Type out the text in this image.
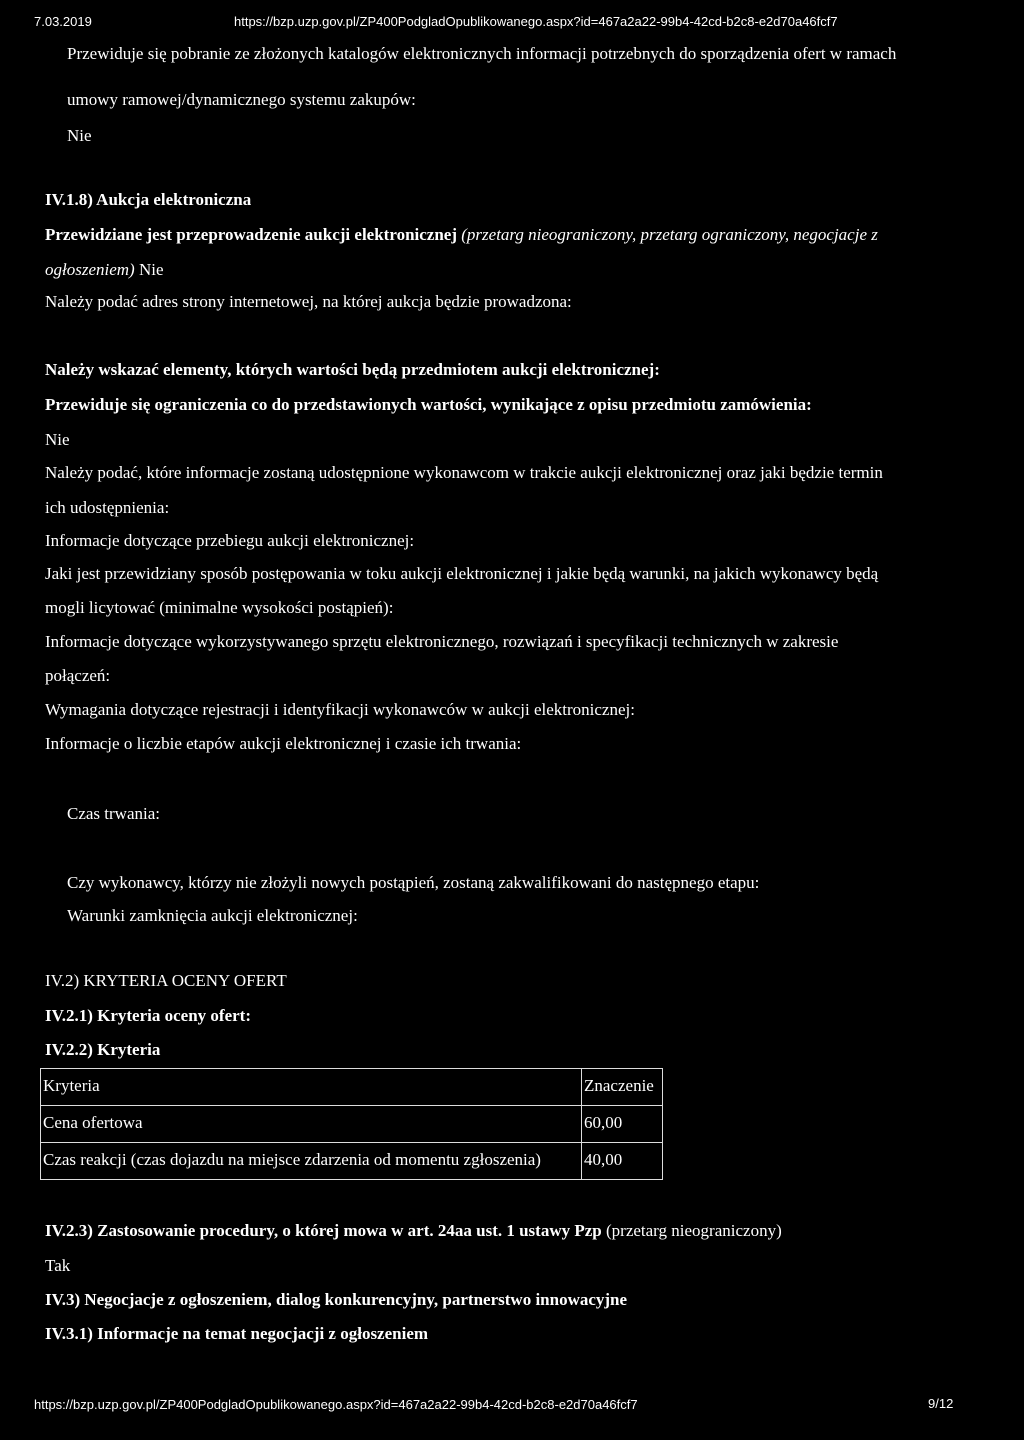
7.03.2019	https://bzp.uzp.gov.pl/ZP400PodgladOpublikowanego.aspx?id=467a2a22-99b4-42cd-b2c8-e2d70a46fcf7
Przewiduje się pobranie ze złożonych katalogów elektronicznych informacji potrzebnych do sporządzenia ofert w ramach
umowy ramowej/dynamicznego systemu zakupów:
Nie
IV.1.8) Aukcja elektroniczna
Przewidziane jest przeprowadzenie aukcji elektronicznej (przetarg nieograniczony, przetarg ograniczony, negocjacje z
ogłoszeniem) Nie
Należy podać adres strony internetowej, na której aukcja będzie prowadzona:
Należy wskazać elementy, których wartości będą przedmiotem aukcji elektronicznej:
Przewiduje się ograniczenia co do przedstawionych wartości, wynikające z opisu przedmiotu zamówienia:
Nie
Należy podać, które informacje zostaną udostępnione wykonawcom w trakcie aukcji elektronicznej oraz jaki będzie termin
ich udostępnienia:
Informacje dotyczące przebiegu aukcji elektronicznej:
Jaki jest przewidziany sposób postępowania w toku aukcji elektronicznej i jakie będą warunki, na jakich wykonawcy będą
mogli licytować (minimalne wysokości postąpień):
Informacje dotyczące wykorzystywanego sprzętu elektronicznego, rozwiązań i specyfikacji technicznych w zakresie
połączeń:
Wymagania dotyczące rejestracji i identyfikacji wykonawców w aukcji elektronicznej:
Informacje o liczbie etapów aukcji elektronicznej i czasie ich trwania:
Czas trwania:
Czy wykonawcy, którzy nie złożyli nowych postąpień, zostaną zakwalifikowani do następnego etapu:
Warunki zamknięcia aukcji elektronicznej:
IV.2) KRYTERIA OCENY OFERT
IV.2.1) Kryteria oceny ofert:
IV.2.2) Kryteria
Kryteria	Znaczenie
Cena ofertowa	60,00
Czas reakcji (czas dojazdu na miejsce zdarzenia od momentu zgłoszenia)	40,00
IV.2.3) Zastosowanie procedury, o której mowa w art. 24aa ust. 1 ustawy Pzp (przetarg nieograniczony)
Tak
IV.3) Negocjacje z ogłoszeniem, dialog konkurencyjny, partnerstwo innowacyjne
IV.3.1) Informacje na temat negocjacji z ogłoszeniem
https://bzp.uzp.gov.pl/ZP400PodgladOpublikowanego.aspx?id=467a2a22-99b4-42cd-b2c8-e2d70a46fcf7	9/12
